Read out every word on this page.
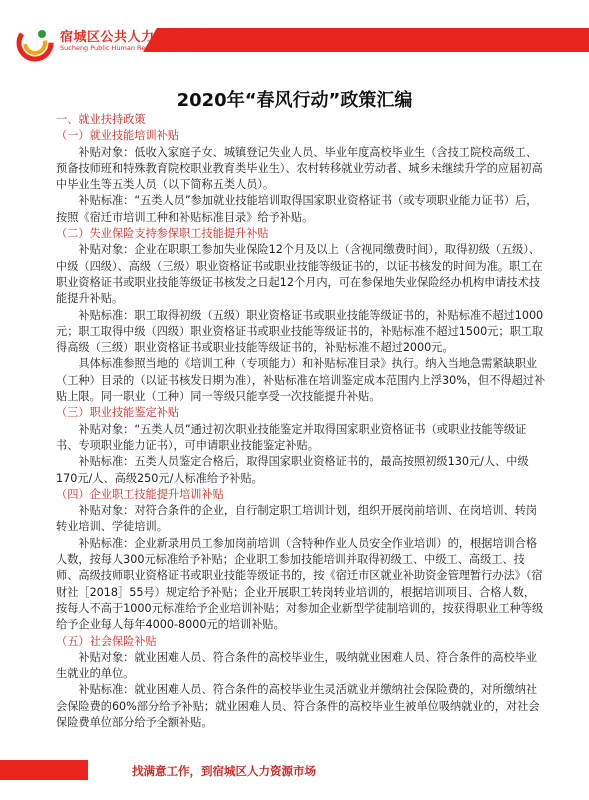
宿城区公共人力资源市场
Sucheng Public Human Resources Market
2020年“春风行动”政策汇编

一、就业扶持政策

（一）就业技能培训补贴

补贴对象：低收入家庭子女、城镇登记失业人员、毕业年度高校毕业生（含技工院校高级工、预备技师班和特殊教育院校职业教育类毕业生）、农村转移就业劳动者、城乡未继续升学的应届初高中毕业生等五类人员（以下简称五类人员）。

补贴标准：“五类人员”参加就业技能培训取得国家职业资格证书（或专项职业能力证书）后，按照《宿迁市培训工种和补贴标准目录》给予补贴。

（二）失业保险支持参保职工技能提升补贴

补贴对象：企业在职职工参加失业保险12个月及以上（含视同缴费时间），取得初级（五级）、中级（四级）、高级（三级）职业资格证书或职业技能等级证书的，以证书核发的时间为准。职工在职业资格证书或职业技能等级证书核发之日起12个月内，可在参保地失业保险经办机构申请技术技能提升补贴。

补贴标准：职工取得初级（五级）职业资格证书或职业技能等级证书的，补贴标准不超过1000元；职工取得中级（四级）职业资格证书或职业技能等级证书的，补贴标准不超过1500元；职工取得高级（三级）职业资格证书或职业技能等级证书的，补贴标准不超过2000元。

具体标准参照当地的《培训工种（专项能力）和补贴标准目录》执行。纳入当地急需紧缺职业（工种）目录的（以证书核发日期为准），补贴标准在培训鉴定成本范围内上浮30%，但不得超过补贴上限。同一职业（工种）同一等级只能享受一次技能提升补贴。

（三）职业技能鉴定补贴

补贴对象：“五类人员”通过初次职业技能鉴定并取得国家职业资格证书（或职业技能等级证书、专项职业能力证书），可申请职业技能鉴定补贴。

补贴标准：五类人员鉴定合格后，取得国家职业资格证书的，最高按照初级130元/人、中级170元/人、高级250元/人标准给予补贴。

（四）企业职工技能提升培训补贴

补贴对象：对符合条件的企业，自行制定职工培训计划，组织开展岗前培训、在岗培训、转岗转业培训、学徒培训。

补贴标准：企业新录用员工参加岗前培训（含特种作业人员安全作业培训）的，根据培训合格人数，按每人300元标准给予补贴；企业职工参加技能培训并取得初级工、中级工、高级工、技师、高级技师职业资格证书或职业技能等级证书的，按《宿迁市区就业补助资金管理暂行办法》（宿财社［2018］55号）规定给予补贴；企业开展职工转岗转业培训的，根据培训项目、合格人数，按每人不高于1000元标准给予企业培训补贴；对参加企业新型学徒制培训的，按获得职业工种等级给予企业每人每年4000-8000元的培训补贴。

（五）社会保险补贴

补贴对象：就业困难人员、符合条件的高校毕业生，吸纳就业困难人员、符合条件的高校毕业生就业的单位。

补贴标准：就业困难人员、符合条件的高校毕业生灵活就业并缴纳社会保险费的，对所缴纳社会保险费的60%部分给予补贴；就业困难人员、符合条件的高校毕业生被单位吸纳就业的，对社会保险费单位部分给予全额补贴。

找满意工作，到宿城区人力资源市场
